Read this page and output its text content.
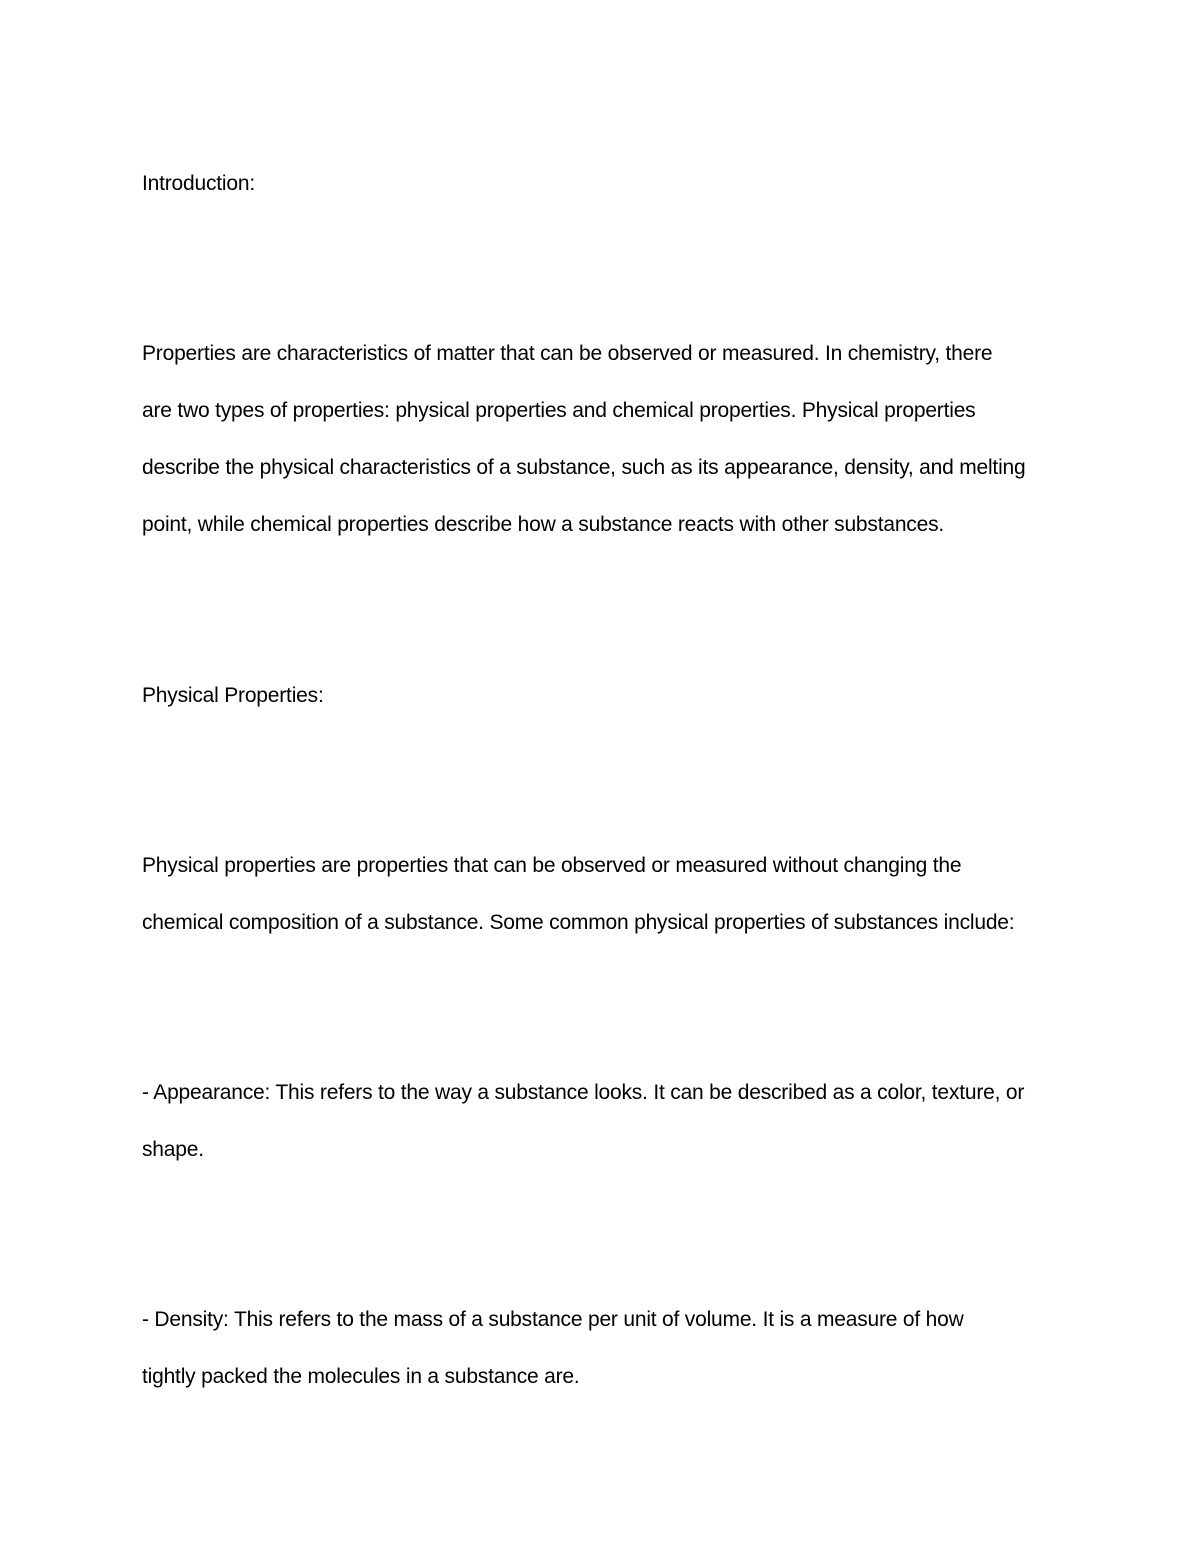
Introduction:
Properties are characteristics of matter that can be observed or measured. In chemistry, there
are two types of properties: physical properties and chemical properties. Physical properties
describe the physical characteristics of a substance, such as its appearance, density, and melting
point, while chemical properties describe how a substance reacts with other substances.
Physical Properties:
Physical properties are properties that can be observed or measured without changing the
chemical composition of a substance. Some common physical properties of substances include:
- Appearance: This refers to the way a substance looks. It can be described as a color, texture, or
shape.
- Density: This refers to the mass of a substance per unit of volume. It is a measure of how
tightly packed the molecules in a substance are.
